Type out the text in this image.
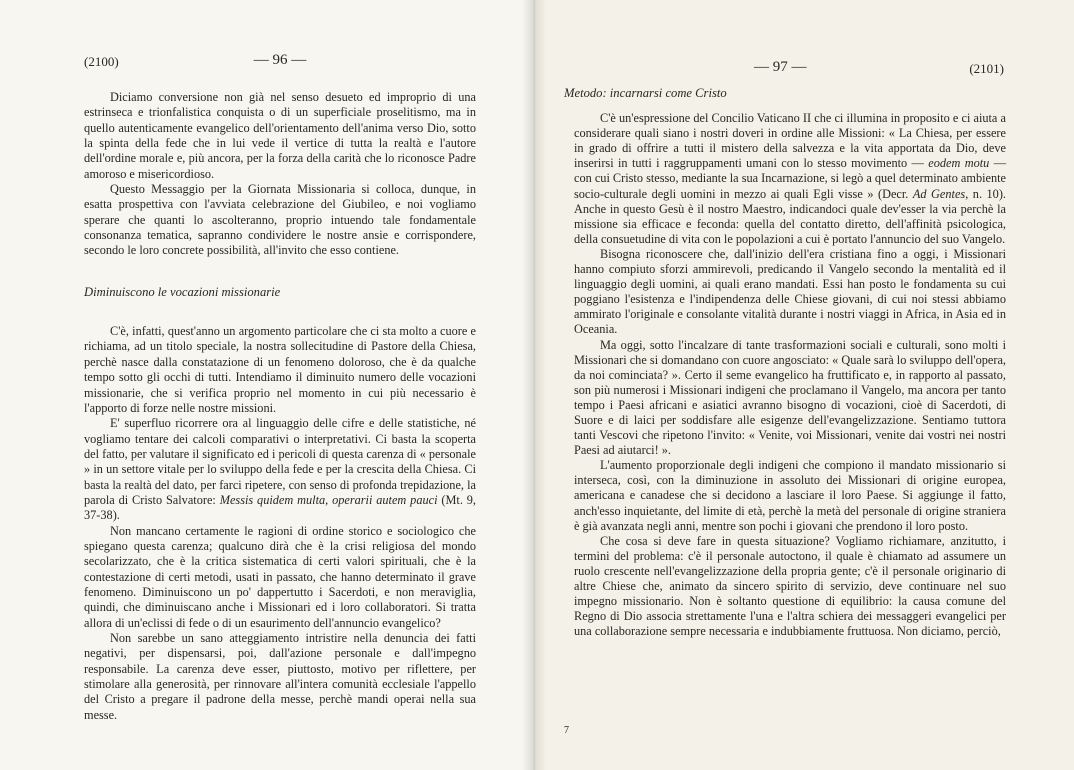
(2100)	— 96 —

Diciamo conversione non già nel senso desueto ed improprio di una estrinseca e trionfalistica conquista o di un superficiale proselitismo, ma in quello autenticamente evangelico dell'orientamento dell'anima verso Dio, sotto la spinta della fede che in lui vede il vertice di tutta la realtà e l'autore dell'ordine morale e, più ancora, per la forza della carità che lo riconosce Padre amoroso e misericordioso.

Questo Messaggio per la Giornata Missionaria si colloca, dunque, in esatta prospettiva con l'avviata celebrazione del Giubileo, e noi vogliamo sperare che quanti lo ascolteranno, proprio intuendo tale fondamentale consonanza tematica, sapranno condividere le nostre ansie e corrispondere, secondo le loro concrete possibilità, all'invito che esso contiene.

Diminuiscono le vocazioni missionarie

C'è, infatti, quest'anno un argomento particolare che ci sta molto a cuore e richiama, ad un titolo speciale, la nostra sollecitudine di Pastore della Chiesa, perchè nasce dalla constatazione di un fenomeno doloroso, che è da qualche tempo sotto gli occhi di tutti. Intendiamo il diminuito numero delle vocazioni missionarie, che si verifica proprio nel momento in cui più necessario è l'apporto di forze nelle nostre missioni.

E' superfluo ricorrere ora al linguaggio delle cifre e delle statistiche, né vogliamo tentare dei calcoli comparativi o interpretativi. Ci basta la scoperta del fatto, per valutare il significato ed i pericoli di questa carenza di « personale » in un settore vitale per lo sviluppo della fede e per la crescita della Chiesa. Ci basta la realtà del dato, per farci ripetere, con senso di profonda trepidazione, la parola di Cristo Salvatore: Messis quidem multa, operarii autem pauci (Mt. 9, 37-38).

Non mancano certamente le ragioni di ordine storico e sociologico che spiegano questa carenza; qualcuno dirà che è la crisi religiosa del mondo secolarizzato, che è la critica sistematica di certi valori spirituali, che è la contestazione di certi metodi, usati in passato, che hanno determinato il grave fenomeno. Diminuiscono un po' dappertutto i Sacerdoti, e non meraviglia, quindi, che diminuiscano anche i Missionari ed i loro collaboratori. Si tratta allora di un'eclissi di fede o di un esaurimento dell'annuncio evangelico?

Non sarebbe un sano atteggiamento intristire nella denuncia dei fatti negativi, per dispensarsi, poi, dall'azione personale e dall'impegno responsabile. La carenza deve esser, piuttosto, motivo per riflettere, per stimolare alla generosità, per rinnovare all'intera comunità ecclesiale l'appello del Cristo a pregare il padrone della messe, perchè mandi operai nella sua messe.

— 97 —	(2101)

Metodo: incarnarsi come Cristo

C'è un'espressione del Concilio Vaticano II che ci illumina in proposito e ci aiuta a considerare quali siano i nostri doveri in ordine alle Missioni: « La Chiesa, per essere in grado di offrire a tutti il mistero della salvezza e la vita apportata da Dio, deve inserirsi in tutti i raggruppamenti umani con lo stesso movimento — eodem motu — con cui Cristo stesso, mediante la sua Incarnazione, si legò a quel determinato ambiente socio-culturale degli uomini in mezzo ai quali Egli visse » (Decr. Ad Gentes, n. 10). Anche in questo Gesù è il nostro Maestro, indicandoci quale dev'esser la via perchè la missione sia efficace e feconda: quella del contatto diretto, dell'affinità psicologica, della consuetudine di vita con le popolazioni a cui è portato l'annuncio del suo Vangelo.

Bisogna riconoscere che, dall'inizio dell'era cristiana fino a oggi, i Missionari hanno compiuto sforzi ammirevoli, predicando il Vangelo secondo la mentalità ed il linguaggio degli uomini, ai quali erano mandati. Essi han posto le fondamenta su cui poggiano l'esistenza e l'indipendenza delle Chiese giovani, di cui noi stessi abbiamo ammirato l'originale e consolante vitalità durante i nostri viaggi in Africa, in Asia ed in Oceania.

Ma oggi, sotto l'incalzare di tante trasformazioni sociali e culturali, sono molti i Missionari che si domandano con cuore angosciato: « Quale sarà lo sviluppo dell'opera, da noi cominciata? ». Certo il seme evangelico ha fruttificato e, in rapporto al passato, son più numerosi i Missionari indigeni che proclamano il Vangelo, ma ancora per tanto tempo i Paesi africani e asiatici avranno bisogno di vocazioni, cioè di Sacerdoti, di Suore e di laici per soddisfare alle esigenze dell'evangelizzazione. Sentiamo tuttora tanti Vescovi che ripetono l'invito: « Venite, voi Missionari, venite dai vostri nei nostri Paesi ad aiutarci! ».

L'aumento proporzionale degli indigeni che compiono il mandato missionario si interseca, così, con la diminuzione in assoluto dei Missionari di origine europea, americana e canadese che si decidono a lasciare il loro Paese. Si aggiunge il fatto, anch'esso inquietante, del limite di età, perchè la metà del personale di origine straniera è già avanzata negli anni, mentre son pochi i giovani che prendono il loro posto.

Che cosa si deve fare in questa situazione? Vogliamo richiamare, anzitutto, i termini del problema: c'è il personale autoctono, il quale è chiamato ad assumere un ruolo crescente nell'evangelizzazione della propria gente; c'è il personale originario di altre Chiese che, animato da sincero spirito di servizio, deve continuare nel suo impegno missionario. Non è soltanto questione di equilibrio: la causa comune del Regno di Dio associa strettamente l'una e l'altra schiera dei messaggeri evangelici per una collaborazione sempre necessaria e indubbiamente fruttuosa. Non diciamo, perciò,

7
